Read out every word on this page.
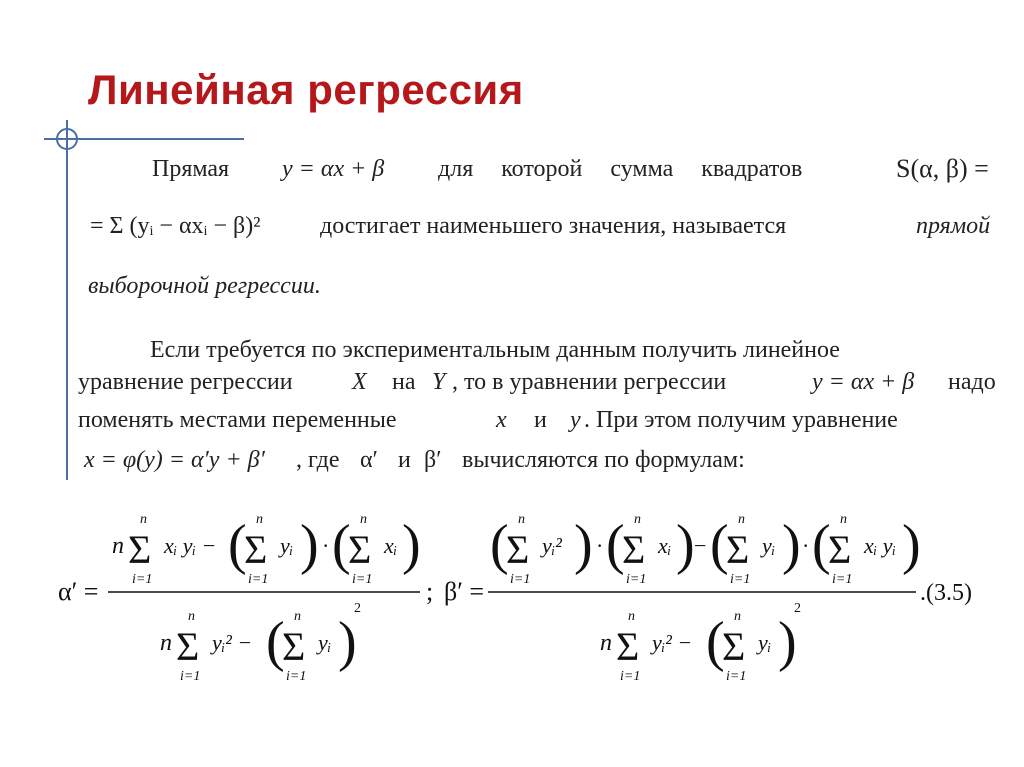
Линейная регрессия
Прямая y = αx + β для которой сумма квадратов	S(α, β) =
= Σ (yᵢ − αxᵢ − β)² достигает наименьшего значения, называется	прямой
выборочной регрессии.
Если требуется по экспериментальным данным получить линейное
уравнение регрессии X на Y , то в уравнении регрессии	y = αx + β надо
поменять местами переменные	x и y . При этом получим уравнение
x = φ(y) = α′y + β′ , где α′ и β′ вычисляются по формулам:
α′ =
n Σ
n
i=1
xᵢ yᵢ − (
Σ
n
i=1
yᵢ ) · (
Σ
n
i=1
xᵢ )
n Σ
n
i=1
yᵢ² − (
Σ
n
i=1
yᵢ )
2
; β′ =
(
Σ
n
i=1
yᵢ² ) · (
Σ
n
i=1
xᵢ ) − (
Σ
n
i=1
yᵢ ) · (
Σ
n
i=1
xᵢ yᵢ )
n Σ
n
i=1
yᵢ² − (
Σ
n
i=1
yᵢ )
2
.(3.5)
